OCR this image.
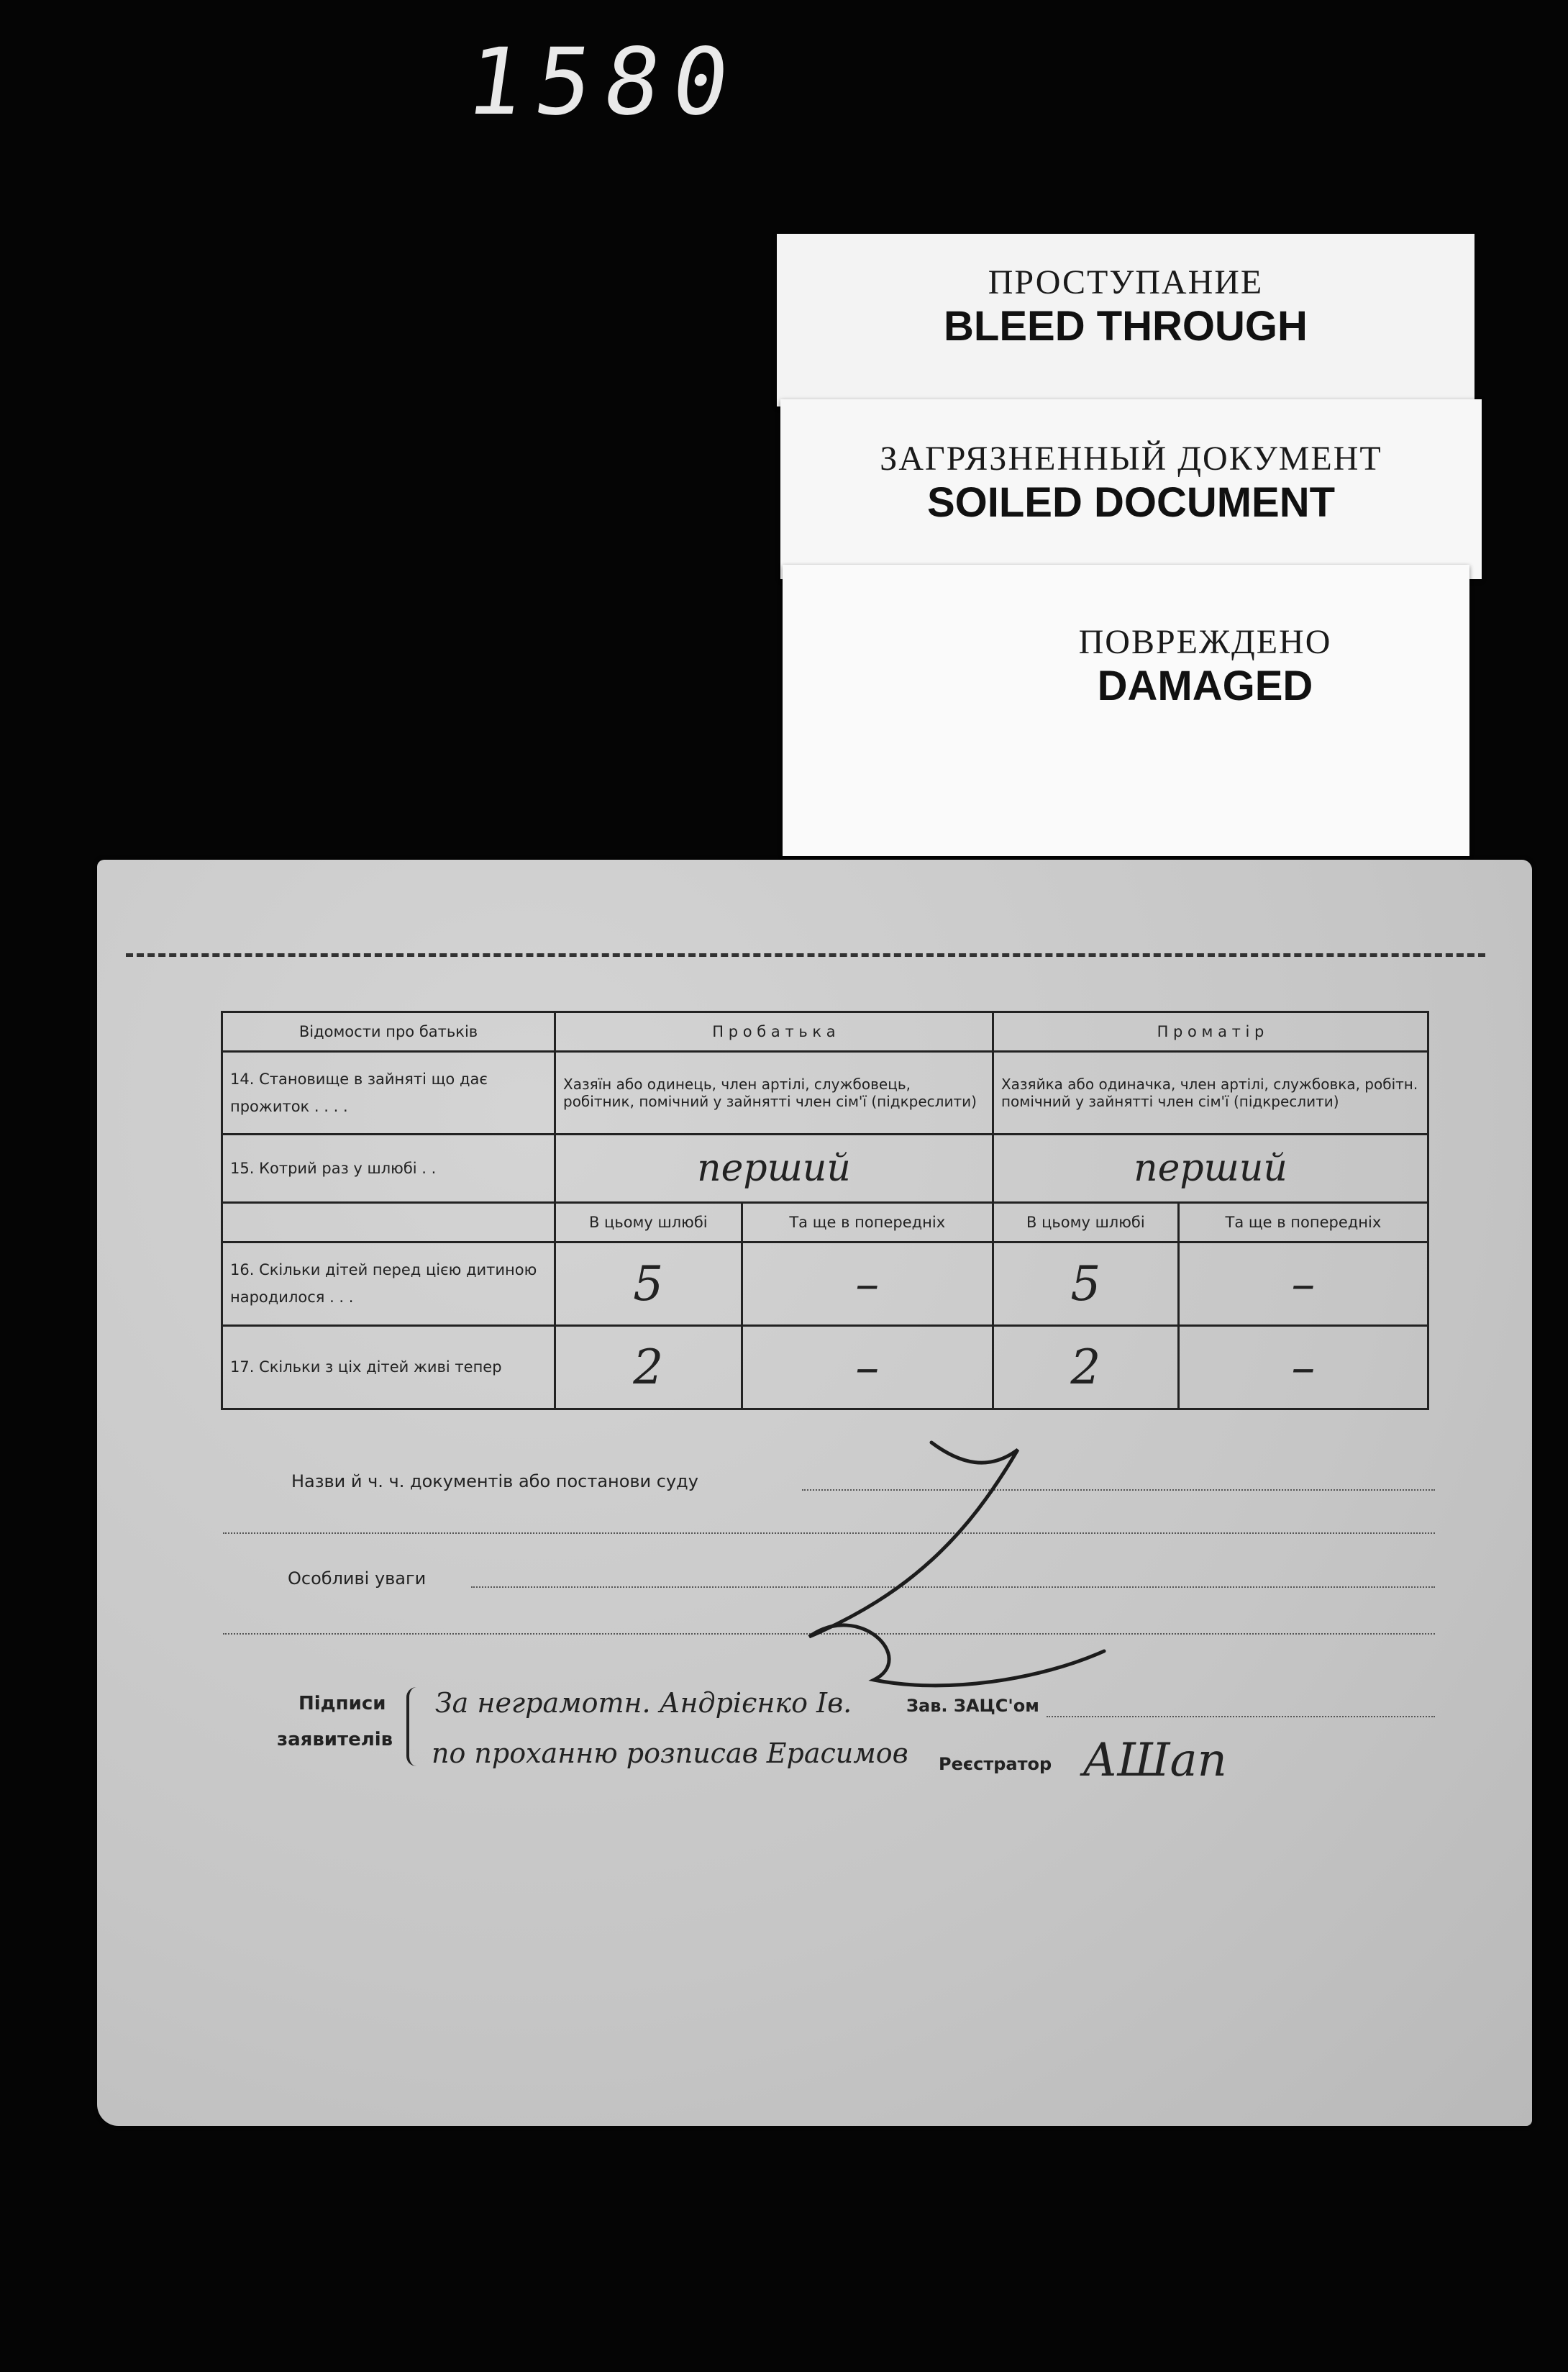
1580
ПРОСТУПАНИЕ
BLEED THROUGH
ЗАГРЯЗНЕННЫЙ ДОКУМЕНТ
SOILED DOCUMENT
ПОВРЕЖДЕНО
DAMAGED
Відомости про батьків	П р о б а т ь к а		П р о м а т і р	
14. Становище в зайняті що дає прожиток . . . .	Хазяїн або одинець, член артілі, службовець, робітник, помічний у зайнятті член сім'ї (підкреслити)		Хазяйка або одиначка, член артілі, службовка, робітн. помічний у зайнятті член сім'ї (підкреслити)	
15. Котрий раз у шлюбі . .	перший		перший	
	В цьому шлюбі	Та ще в попередніх	В цьому шлюбі	Та ще в попередніх
16. Скільки дітей перед цією дитиною народилося . . .	5	–	5	–
17. Скільки з ціх дітей живі тепер	2	–	2	–
Назви й ч. ч. документів або постанови суду
Особливі уваги
Підписи
заявителів
За неграмотн. Андрієнко Ів.
по проханню розписав Ерасимов
Зав. ЗАЦС'ом
Реєстратор АШап
